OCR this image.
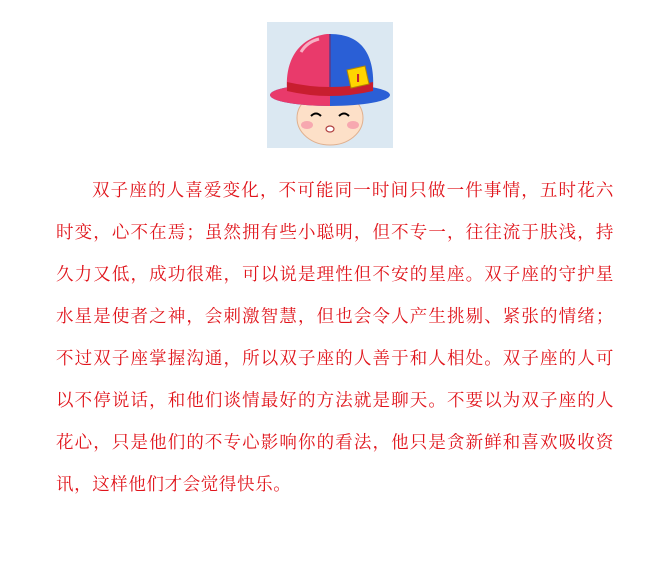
I

双子座的人喜爱变化，不可能同一时间只做一件事情，五时花六时变，心不在焉；虽然拥有些小聪明，但不专一，往往流于肤浅，持久力又低，成功很难，可以说是理性但不安的星座。双子座的守护星水星是使者之神，会刺激智慧，但也会令人产生挑剔、紧张的情绪；不过双子座掌握沟通，所以双子座的人善于和人相处。双子座的人可以不停说话，和他们谈情最好的方法就是聊天。不要以为双子座的人花心，只是他们的不专心影响你的看法，他只是贪新鲜和喜欢吸收资讯，这样他们才会觉得快乐。
